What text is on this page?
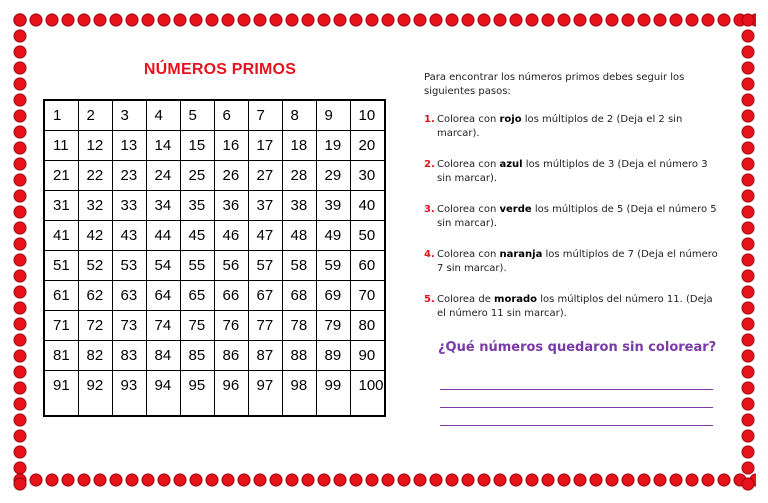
NÚMEROS PRIMOS
1	2	3	4	5	6	7	8	9	10
11	12	13	14	15	16	17	18	19	20
21	22	23	24	25	26	27	28	29	30
31	32	33	34	35	36	37	38	39	40
41	42	43	44	45	46	47	48	49	50
51	52	53	54	55	56	57	58	59	60
61	62	63	64	65	66	67	68	69	70
71	72	73	74	75	76	77	78	79	80
81	82	83	84	85	86	87	88	89	90
91	92	93	94	95	96	97	98	99	100

Para encontrar los números primos debes seguir los siguientes pasos:

1. Colorea con rojo los múltiplos de 2 (Deja el 2 sin marcar).
2. Colorea con azul los múltiplos de 3 (Deja el número 3 sin marcar).
3. Colorea con verde los múltiplos de 5 (Deja el número 5 sin marcar).
4. Colorea con naranja los múltiplos de 7 (Deja el número 7 sin marcar).
5. Colorea de morado los múltiplos del número 11. (Deja el número 11 sin marcar).
¿Qué números quedaron sin colorear?
